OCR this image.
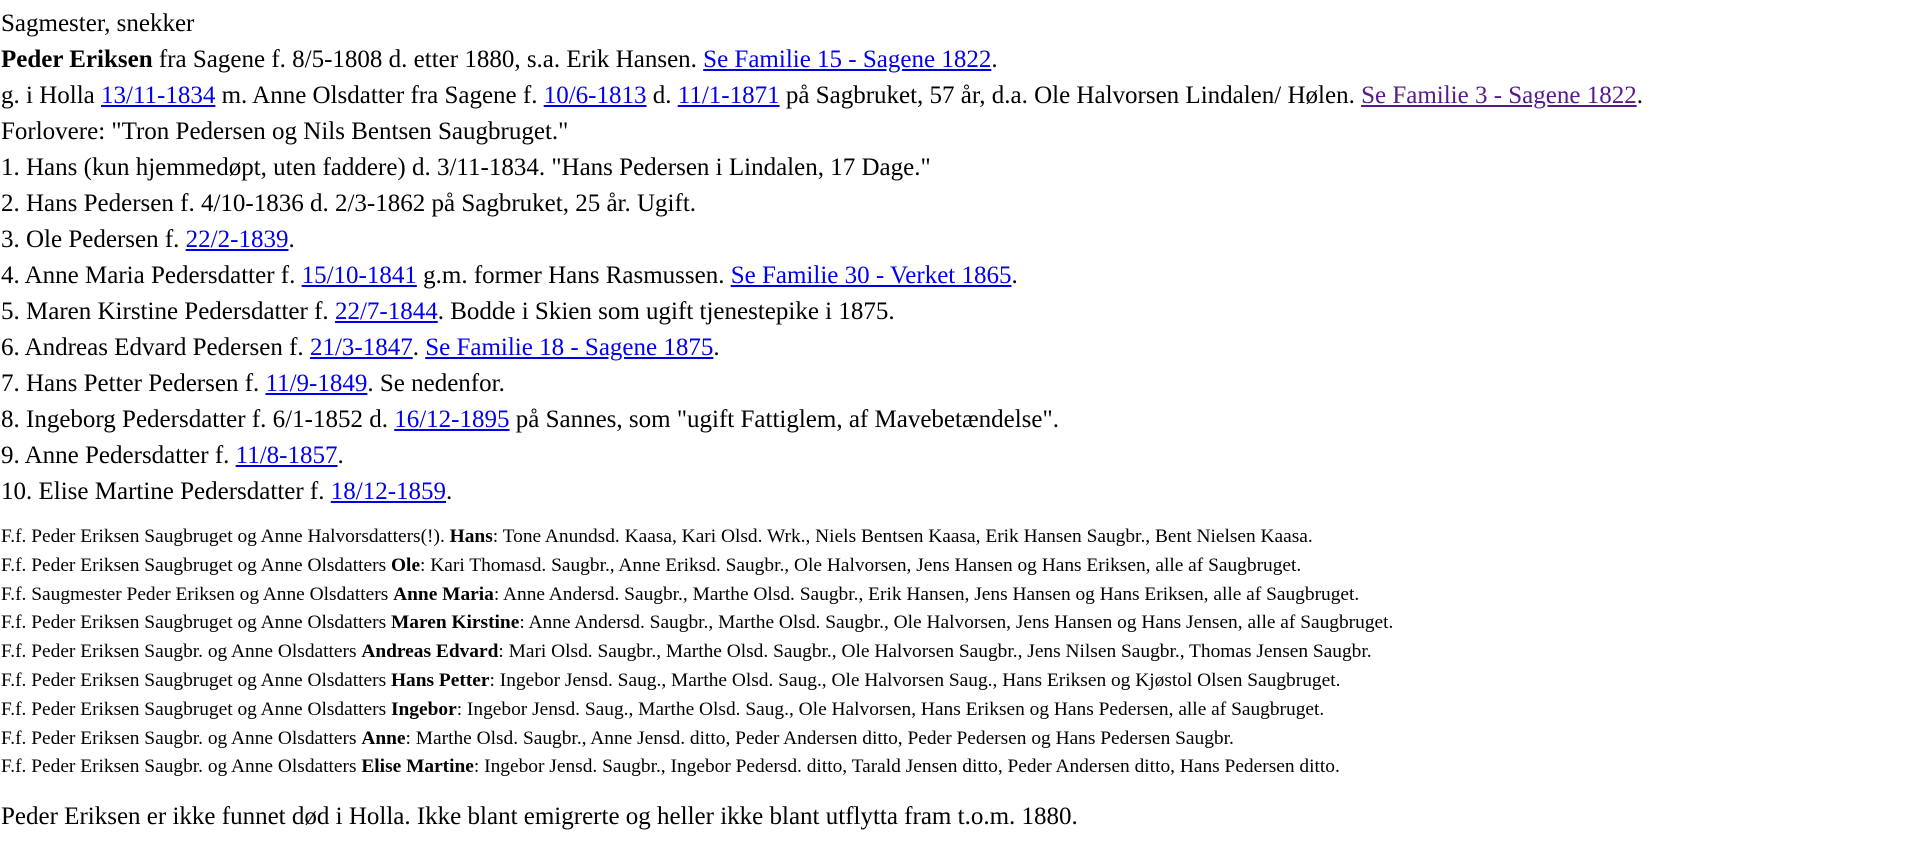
Sagmester, snekker
Peder Eriksen fra Sagene f. 8/5-1808 d. etter 1880, s.a. Erik Hansen. Se Familie 15 - Sagene 1822.
g. i Holla 13/11-1834 m. Anne Olsdatter fra Sagene f. 10/6-1813 d. 11/1-1871 på Sagbruket, 57 år, d.a. Ole Halvorsen Lindalen/ Hølen. Se Familie 3 - Sagene 1822.
Forlovere: "Tron Pedersen og Nils Bentsen Saugbruget."
1. Hans (kun hjemmedøpt, uten faddere) d. 3/11-1834. "Hans Pedersen i Lindalen, 17 Dage."
2. Hans Pedersen f. 4/10-1836 d. 2/3-1862 på Sagbruket, 25 år. Ugift.
3. Ole Pedersen f. 22/2-1839.
4. Anne Maria Pedersdatter f. 15/10-1841 g.m. former Hans Rasmussen. Se Familie 30 - Verket 1865.
5. Maren Kirstine Pedersdatter f. 22/7-1844. Bodde i Skien som ugift tjenestepike i 1875.
6. Andreas Edvard Pedersen f. 21/3-1847. Se Familie 18 - Sagene 1875.
7. Hans Petter Pedersen f. 11/9-1849. Se nedenfor.
8. Ingeborg Pedersdatter f. 6/1-1852 d. 16/12-1895 på Sannes, som "ugift Fattiglem, af Mavebetændelse".
9. Anne Pedersdatter f. 11/8-1857.
10. Elise Martine Pedersdatter f. 18/12-1859.
F.f. Peder Eriksen Saugbruget og Anne Halvorsdatters(!). Hans: Tone Anundsd. Kaasa, Kari Olsd. Wrk., Niels Bentsen Kaasa, Erik Hansen Saugbr., Bent Nielsen Kaasa.
F.f. Peder Eriksen Saugbruget og Anne Olsdatters Ole: Kari Thomasd. Saugbr., Anne Eriksd. Saugbr., Ole Halvorsen, Jens Hansen og Hans Eriksen, alle af Saugbruget.
F.f. Saugmester Peder Eriksen og Anne Olsdatters Anne Maria: Anne Andersd. Saugbr., Marthe Olsd. Saugbr., Erik Hansen, Jens Hansen og Hans Eriksen, alle af Saugbruget.
F.f. Peder Eriksen Saugbruget og Anne Olsdatters Maren Kirstine: Anne Andersd. Saugbr., Marthe Olsd. Saugbr., Ole Halvorsen, Jens Hansen og Hans Jensen, alle af Saugbruget.
F.f. Peder Eriksen Saugbr. og Anne Olsdatters Andreas Edvard: Mari Olsd. Saugbr., Marthe Olsd. Saugbr., Ole Halvorsen Saugbr., Jens Nilsen Saugbr., Thomas Jensen Saugbr.
F.f. Peder Eriksen Saugbruget og Anne Olsdatters Hans Petter: Ingebor Jensd. Saug., Marthe Olsd. Saug., Ole Halvorsen Saug., Hans Eriksen og Kjøstol Olsen Saugbruget.
F.f. Peder Eriksen Saugbruget og Anne Olsdatters Ingebor: Ingebor Jensd. Saug., Marthe Olsd. Saug., Ole Halvorsen, Hans Eriksen og Hans Pedersen, alle af Saugbruget.
F.f. Peder Eriksen Saugbr. og Anne Olsdatters Anne: Marthe Olsd. Saugbr., Anne Jensd. ditto, Peder Andersen ditto, Peder Pedersen og Hans Pedersen Saugbr.
F.f. Peder Eriksen Saugbr. og Anne Olsdatters Elise Martine: Ingebor Jensd. Saugbr., Ingebor Pedersd. ditto, Tarald Jensen ditto, Peder Andersen ditto, Hans Pedersen ditto.
Peder Eriksen er ikke funnet død i Holla. Ikke blant emigrerte og heller ikke blant utflytta fram t.o.m. 1880.
